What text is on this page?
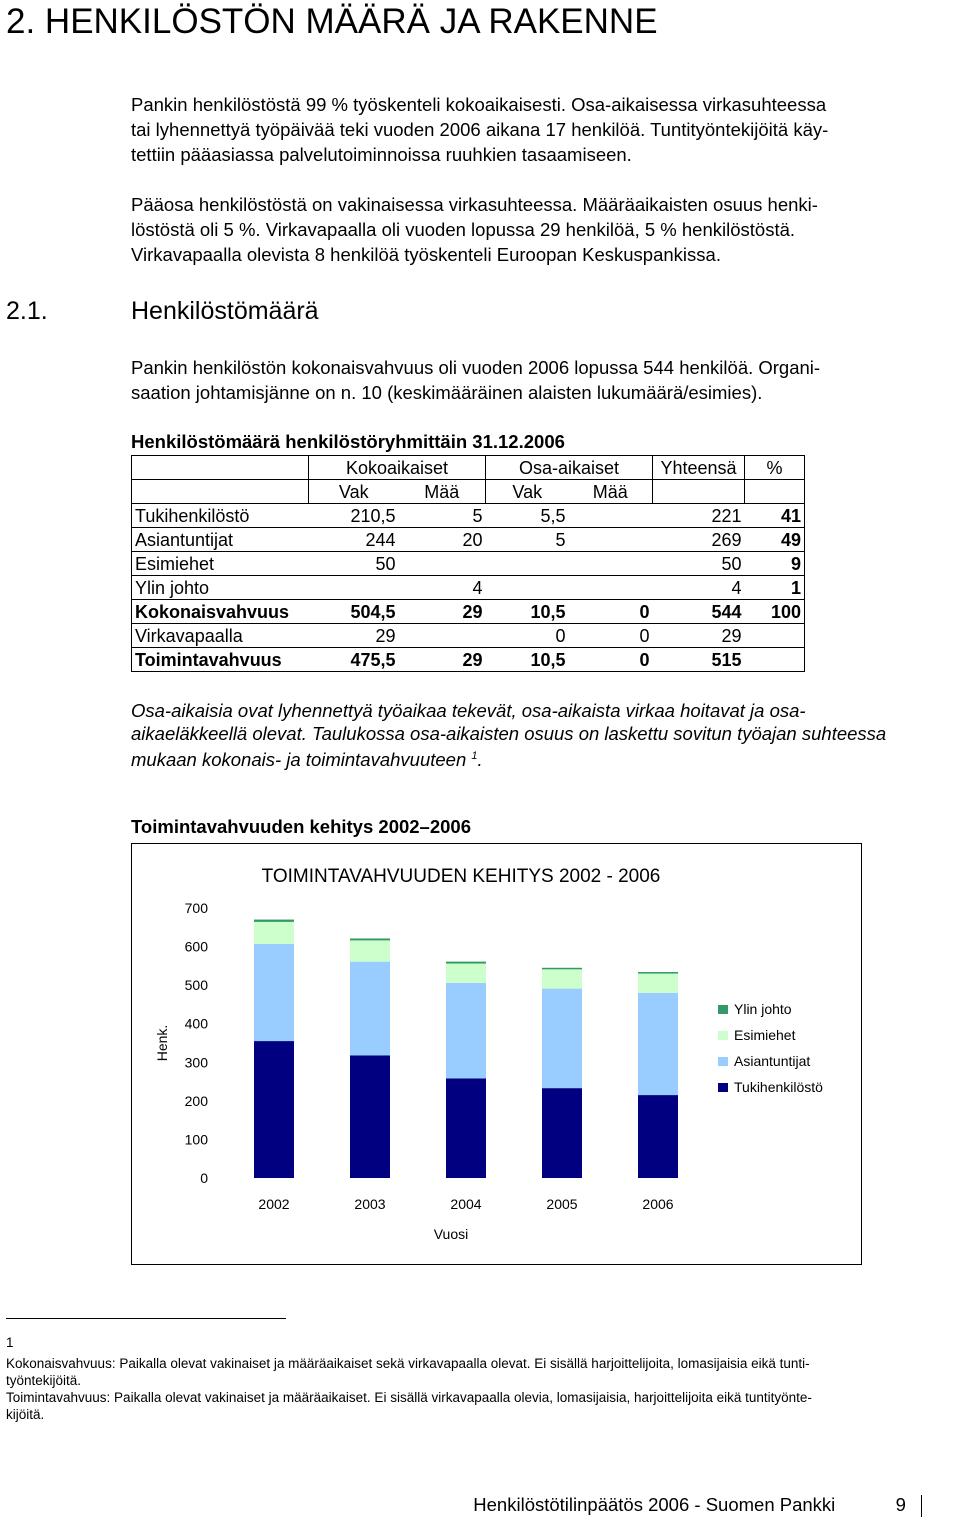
2. HENKILÖSTÖN MÄÄRÄ JA RAKENNE

Pankin henkilöstöstä 99 % työskenteli kokoaikaisesti. Osa-aikaisessa virkasuhteessa

tai lyhennettyä työpäivää teki vuoden 2006 aikana 17 henkilöä. Tuntityöntekijöitä käy-

tettiin pääasiassa palvelutoiminnoissa ruuhkien tasaamiseen.

Pääosa henkilöstöstä on vakinaisessa virkasuhteessa. Määräaikaisten osuus henki-

löstöstä oli 5 %. Virkavapaalla oli vuoden lopussa 29 henkilöä, 5 % henkilöstöstä.

Virkavapaalla olevista 8 henkilöä työskenteli Euroopan Keskuspankissa.

2.1.	Henkilöstömäärä

Pankin henkilöstön kokonaisvahvuus oli vuoden 2006 lopussa 544 henkilöä. Organi-

saation johtamisjänne on n. 10 (keskimääräinen alaisten lukumäärä/esimies).

Henkilöstömäärä henkilöstöryhmittäin 31.12.2006
	Kokoaikaiset		Osa-aikaiset		Yhteensä	%
	Vak	Mää	Vak	Mää		
Tukihenkilöstö	210,5	5	5,5		221	41
Asiantuntijat	244	20	5		269	49
Esimiehet	50				50	9
Ylin johto		4			4	1
Kokonaisvahvuus	504,5	29	10,5	0	544	100
Virkavapaalla	29		0	0	29	
Toimintavahvuus	475,5	29	10,5	0	515	
Osa-aikaisia ovat lyhennettyä työaikaa tekevät, osa-aikaista virkaa hoitavat ja osa-
aikaeläkkeellä olevat. Taulukossa osa-aikaisten osuus on laskettu sovitun työajan suhteessa
mukaan kokonais- ja toimintavahvuuteen $^1$.
Toimintavahvuuden kehitys 2002–2006
TOIMINTAVAHVUUDEN KEHITYS 2002 - 2006
0
100
200
300
400
500
600
700
Henk.
2002	2003	2004	2005	2006
Vuosi
Ylin johto
Esimiehet
Asiantuntijat
Tukihenkilöstö
1
Kokonaisvahvuus: Paikalla olevat vakinaiset ja määräaikaiset sekä virkavapaalla olevat. Ei sisällä harjoittelijoita, lomasijaisia eikä tunti-
työntekijöitä.
Toimintavahvuus: Paikalla olevat vakinaiset ja määräaikaiset. Ei sisällä virkavapaalla olevia, lomasijaisia, harjoittelijoita eikä tuntityönte-
kijöitä.
Henkilöstötilinpäätös 2006 - Suomen Pankki	9
